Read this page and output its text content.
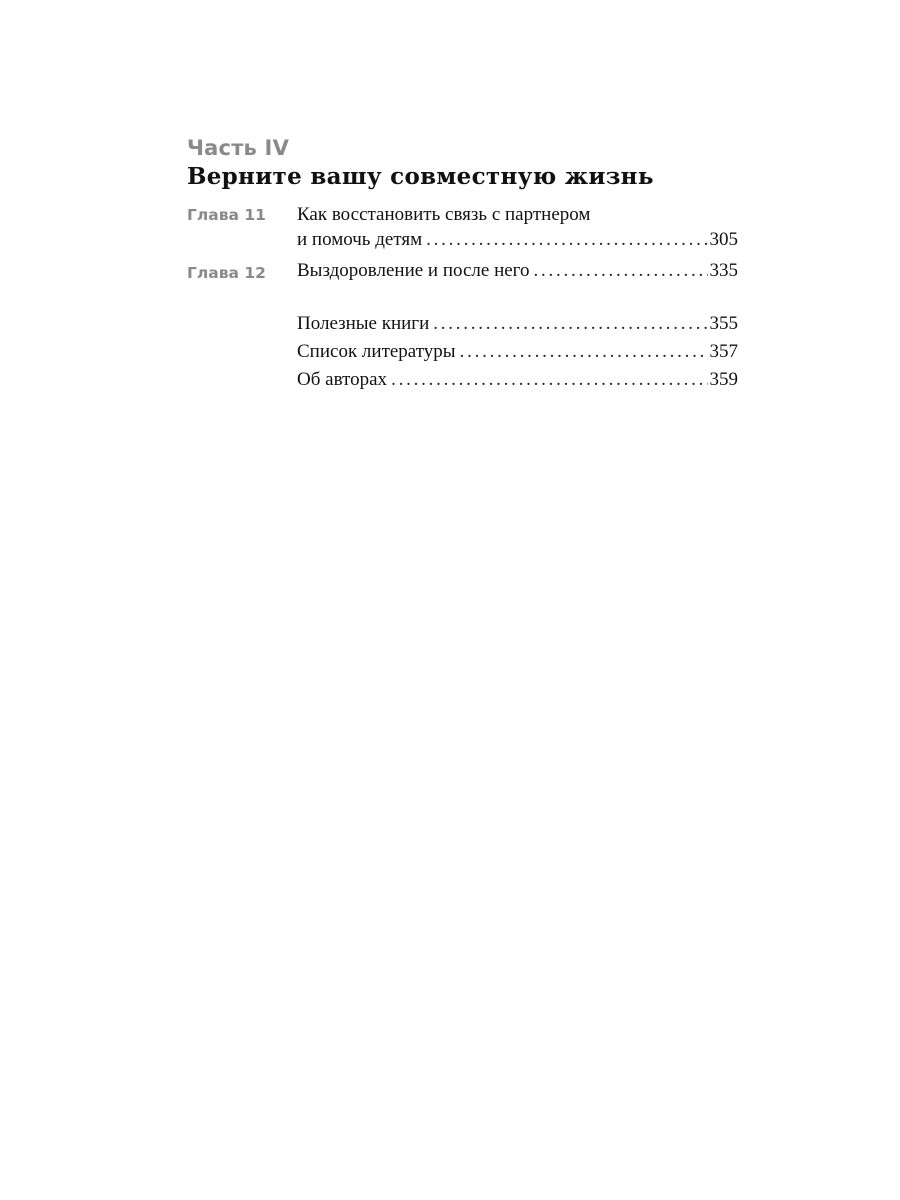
Часть IV
Верните вашу совместную жизнь
Глава 11 Как восстановить связь с партнером
и помочь детям . . .	305
Глава 12 Выздоровление и после него . . .	335
Полезные книги . . .	355
Список литературы . . .	357
Об авторах . . .	359
